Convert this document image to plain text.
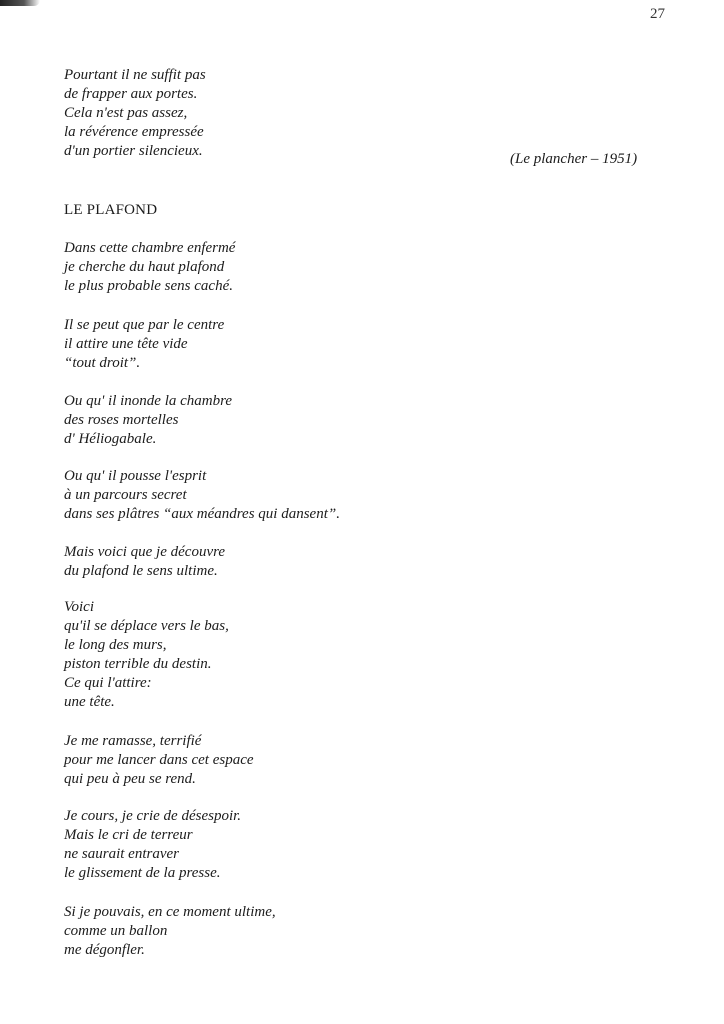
27
Pourtant il ne suffit pas
de frapper aux portes.
Cela n'est pas assez,
la révérence empressée
d'un portier silencieux.	(Le plancher – 1951)
LE PLAFOND
Dans cette chambre enfermé
je cherche du haut plafond
le plus probable sens caché.
Il se peut que par le centre
il attire une tête vide
“tout droit”.
Ou qu' il inonde la chambre
des roses mortelles
d' Héliogabale.
Ou qu' il pousse l'esprit
à un parcours secret
dans ses plâtres “aux méandres qui dansent”.
Mais voici que je découvre
du plafond le sens ultime.
Voici
qu'il se déplace vers le bas,
le long des murs,
piston terrible du destin.
Ce qui l'attire:
une tête.
Je me ramasse, terrifié
pour me lancer dans cet espace
qui peu à peu se rend.
Je cours, je crie de désespoir.
Mais le cri de terreur
ne saurait entraver
le glissement de la presse.
Si je pouvais, en ce moment ultime,
comme un ballon
me dégonfler.
